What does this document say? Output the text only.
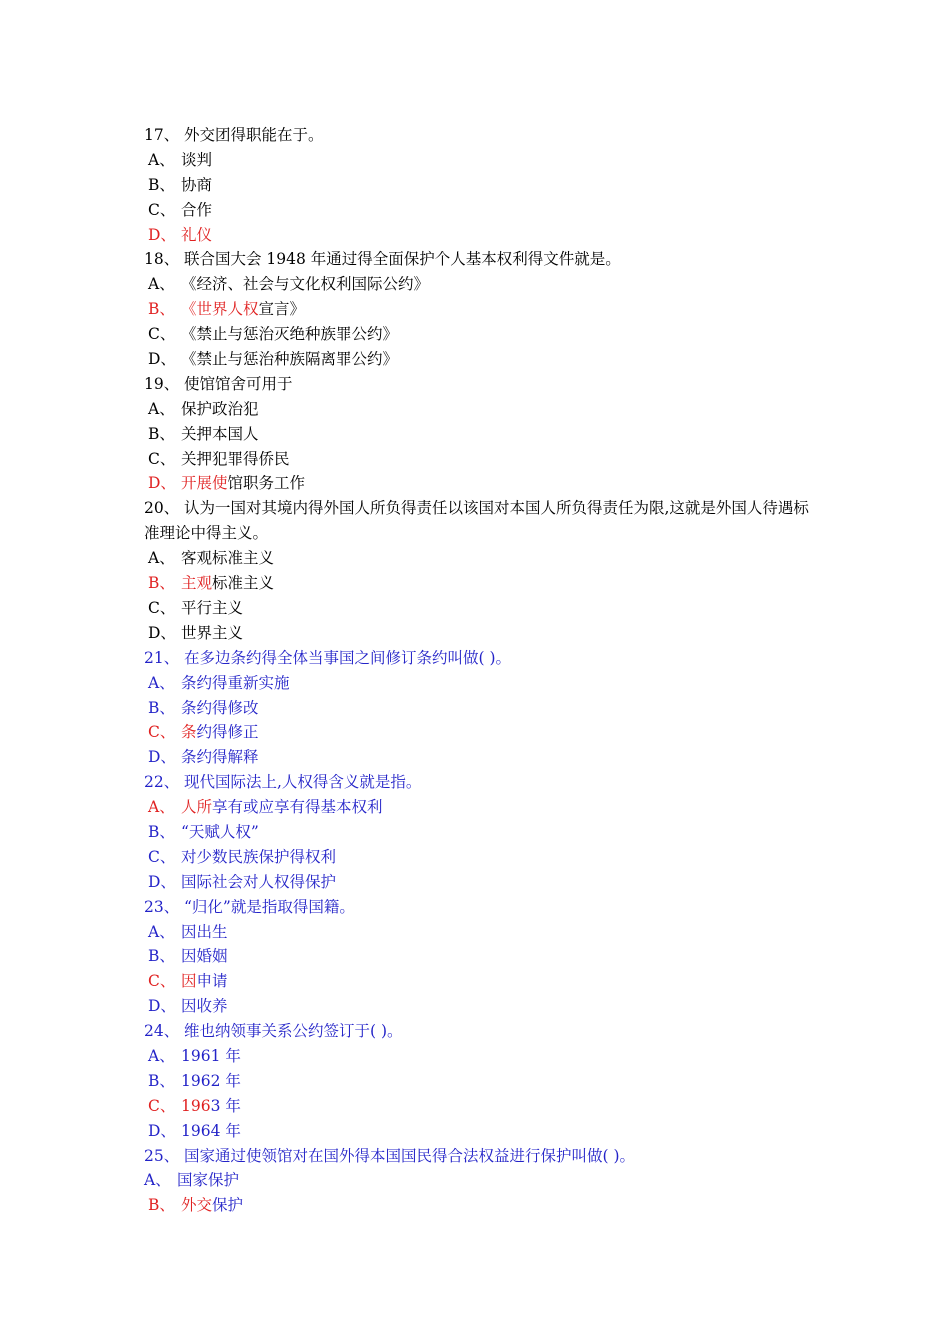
17、 外交团得职能在于。
A、 谈判
B、 协商
C、 合作
D、 礼仪
18、 联合国大会 1948 年通过得全面保护个人基本权利得文件就是。
A、 《经济、社会与文化权利国际公约》
B、 《世界人权宣言》
C、 《禁止与惩治灭绝种族罪公约》
D、 《禁止与惩治种族隔离罪公约》
19、 使馆馆舍可用于
A、 保护政治犯
B、 关押本国人
C、 关押犯罪得侨民
D、 开展使馆职务工作
20、 认为一国对其境内得外国人所负得责任以该国对本国人所负得责任为限,这就是外国人待遇标准理论中得主义。
A、 客观标准主义
B、 主观标准主义
C、 平行主义
D、 世界主义
21、 在多边条约得全体当事国之间修订条约叫做( )。
A、 条约得重新实施
B、 条约得修改
C、 条约得修正
D、 条约得解释
22、 现代国际法上,人权得含义就是指。
A、 人所享有或应享有得基本权利
B、 “天赋人权”
C、 对少数民族保护得权利
D、 国际社会对人权得保护
23、 “归化”就是指取得国籍。
A、 因出生
B、 因婚姻
C、 因申请
D、 因收养
24、 维也纳领事关系公约签订于( )。
A、 1961 年
B、 1962 年
C、 1963 年
D、 1964 年
25、 国家通过使领馆对在国外得本国国民得合法权益进行保护叫做( )。
A、 国家保护
B、 外交保护
